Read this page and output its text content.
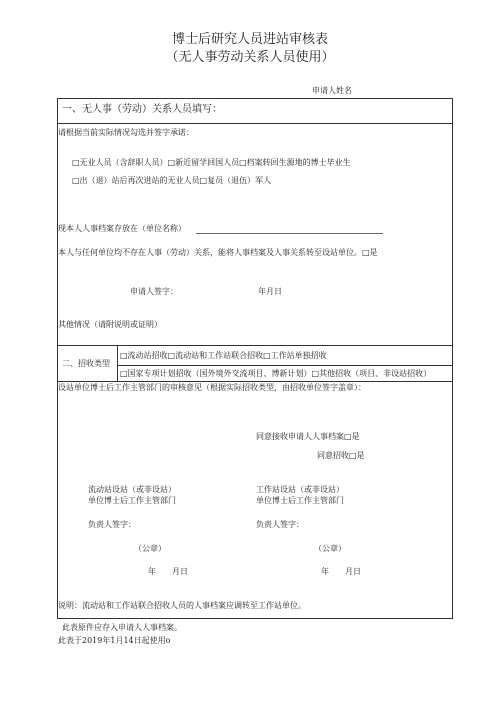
博士后研究人员进站审核表
（无人事劳动关系人员使用）
申请人姓名
一、无人事（劳动）关系人员填写：
请根据当前实际情况勾选并签字承诺：
□无业人员（含辞职人员）□新近留学回国人员□档案转回生源地的博士毕业生
□出（退）站后再次进站的无业人员□复员（退伍）军人
现本人人事档案存放在（单位名称）
本人与任何单位均不存在人事（劳动）关系，能将人事档案及人事关系转至设站单位。□是
申请人签字：	年月日
其他情况（请附说明或证明）
二、招收类型
□流动站招收□流动站和工作站联合招收□工作站单独招收
□国家专项计划招收（国外境外交流项目、博新计划）□其他招收（项目、非设站招收）
设站单位博士后工作主管部门的审核意见（根据实际招收类型，由招收单位签字盖章）：
同意接收申请人人事档案□是
同意招收□是
流动站设站（或非设站）
单位博士后工作主管部门
工作站设站（或非设站）
单位博士后工作主管部门
负责人签字：	负责人签字：
（公章）	（公章）
年　　月日	年　　月日
说明：流动站和工作站联合招收人员的人事档案应调转至工作站单位。
此表原件应存入申请人人事档案。
此表于2019年1月14日起使用o
